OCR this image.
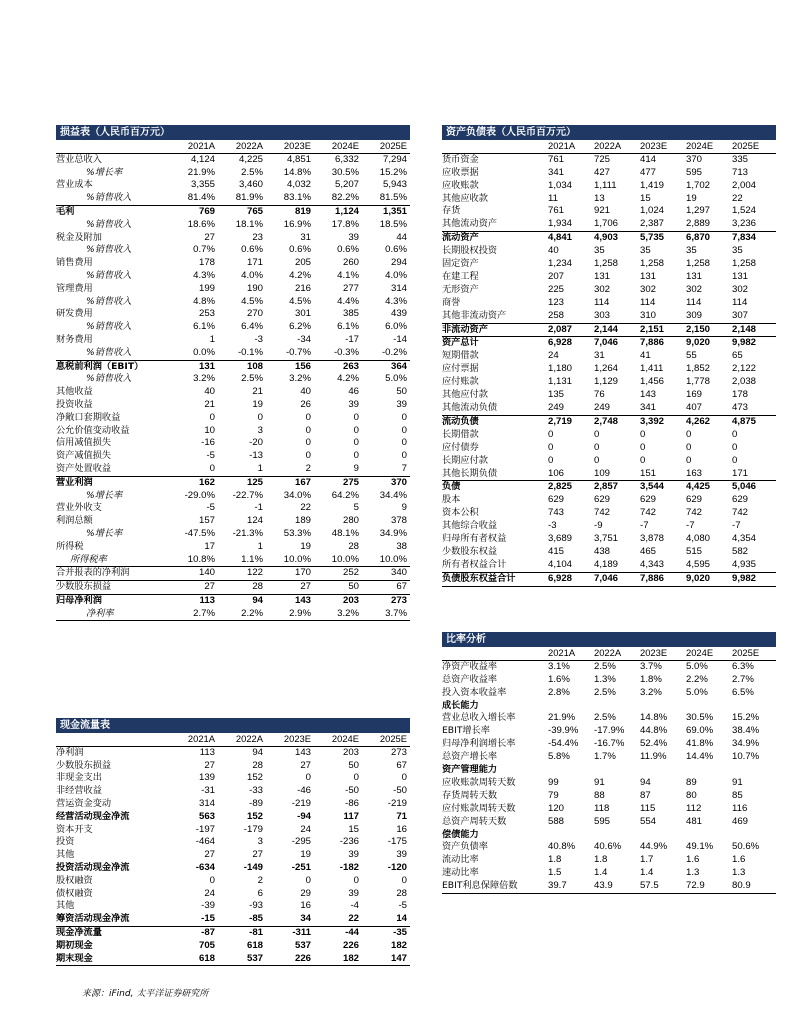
损益表（人民币百万元）
	2021A	2022A	2023E	2024E	2025E
营业总收入	4,124	4,225	4,851	6,332	7,294
%增长率	21.9%	2.5%	14.8%	30.5%	15.2%
营业成本	3,355	3,460	4,032	5,207	5,943
%销售收入	81.4%	81.9%	83.1%	82.2%	81.5%
毛利	769	765	819	1,124	1,351
%销售收入	18.6%	18.1%	16.9%	17.8%	18.5%
税金及附加	27	23	31	39	44
%销售收入	0.7%	0.6%	0.6%	0.6%	0.6%
销售费用	178	171	205	260	294
%销售收入	4.3%	4.0%	4.2%	4.1%	4.0%
管理费用	199	190	216	277	314
%销售收入	4.8%	4.5%	4.5%	4.4%	4.3%
研发费用	253	270	301	385	439
%销售收入	6.1%	6.4%	6.2%	6.1%	6.0%
财务费用	1	-3	-34	-17	-14
%销售收入	0.0%	-0.1%	-0.7%	-0.3%	-0.2%
息税前利润（EBIT）	131	108	156	263	364
%销售收入	3.2%	2.5%	3.2%	4.2%	5.0%
其他收益	40	21	40	46	50
投资收益	21	19	26	39	39
净敞口套期收益	0	0	0	0	0
公允价值变动收益	10	3	0	0	0
信用减值损失	-16	-20	0	0	0
资产减值损失	-5	-13	0	0	0
资产处置收益	0	1	2	9	7
营业利润	162	125	167	275	370
%增长率	-29.0%	-22.7%	34.0%	64.2%	34.4%
营业外收支	-5	-1	22	5	9
利润总额	157	124	189	280	378
%增长率	-47.5%	-21.3%	53.3%	48.1%	34.9%
所得税	17	1	19	28	38
所得税率	10.8%	1.1%	10.0%	10.0%	10.0%
合并报表的净利润	140	122	170	252	340
少数股东损益	27	28	27	50	67
归母净利润	113	94	143	203	273
净利率	2.7%	2.2%	2.9%	3.2%	3.7%
现金流量表
	2021A	2022A	2023E	2024E	2025E
净利润	113	94	143	203	273
少数股东损益	27	28	27	50	67
非现金支出	139	152	0	0	0
非经营收益	-31	-33	-46	-50	-50
营运资金变动	314	-89	-219	-86	-219
经营活动现金净流	563	152	-94	117	71
资本开支	-197	-179	24	15	16
投资	-464	3	-295	-236	-175
其他	27	27	19	39	39
投资活动现金净流	-634	-149	-251	-182	-120
股权融资	0	2	0	0	0
债权融资	24	6	29	39	28
其他	-39	-93	16	-4	-5
筹资活动现金净流	-15	-85	34	22	14
现金净流量	-87	-81	-311	-44	-35
期初现金	705	618	537	226	182
期末现金	618	537	226	182	147
资产负债表（人民币百万元）
	2021A	2022A	2023E	2024E	2025E
货币资金	761	725	414	370	335
应收票据	341	427	477	595	713
应收账款	1,034	1,111	1,419	1,702	2,004
其他应收款	11	13	15	19	22
存货	761	921	1,024	1,297	1,524
其他流动资产	1,934	1,706	2,387	2,889	3,236
流动资产	4,841	4,903	5,735	6,870	7,834
长期股权投资	40	35	35	35	35
固定资产	1,234	1,258	1,258	1,258	1,258
在建工程	207	131	131	131	131
无形资产	225	302	302	302	302
商誉	123	114	114	114	114
其他非流动资产	258	303	310	309	307
非流动资产	2,087	2,144	2,151	2,150	2,148
资产总计	6,928	7,046	7,886	9,020	9,982
短期借款	24	31	41	55	65
应付票据	1,180	1,264	1,411	1,852	2,122
应付账款	1,131	1,129	1,456	1,778	2,038
其他应付款	135	76	143	169	178
其他流动负债	249	249	341	407	473
流动负债	2,719	2,748	3,392	4,262	4,875
长期借款	0	0	0	0	0
应付债券	0	0	0	0	0
长期应付款	0	0	0	0	0
其他长期负债	106	109	151	163	171
负债	2,825	2,857	3,544	4,425	5,046
股本	629	629	629	629	629
资本公积	743	742	742	742	742
其他综合收益	-3	-9	-7	-7	-7
归母所有者权益	3,689	3,751	3,878	4,080	4,354
少数股东权益	415	438	465	515	582
所有者权益合计	4,104	4,189	4,343	4,595	4,935
负债股东权益合计	6,928	7,046	7,886	9,020	9,982
比率分析
	2021A	2022A	2023E	2024E	2025E
净资产收益率	3.1%	2.5%	3.7%	5.0%	6.3%
总资产收益率	1.6%	1.3%	1.8%	2.2%	2.7%
投入资本收益率	2.8%	2.5%	3.2%	5.0%	6.5%
成长能力					
营业总收入增长率	21.9%	2.5%	14.8%	30.5%	15.2%
EBIT增长率	-39.9%	-17.9%	44.8%	69.0%	38.4%
归母净利润增长率	-54.4%	-16.7%	52.4%	41.8%	34.9%
总资产增长率	5.8%	1.7%	11.9%	14.4%	10.7%
资产管理能力					
应收账款周转天数	99	91	94	89	91
存货周转天数	79	88	87	80	85
应付账款周转天数	120	118	115	112	116
总资产周转天数	588	595	554	481	469
偿债能力					
资产负债率	40.8%	40.6%	44.9%	49.1%	50.6%
流动比率	1.8	1.8	1.7	1.6	1.6
速动比率	1.5	1.4	1.4	1.3	1.3
EBIT利息保障倍数	39.7	43.9	57.5	72.9	80.9
来源：iFind, 太平洋证券研究所
